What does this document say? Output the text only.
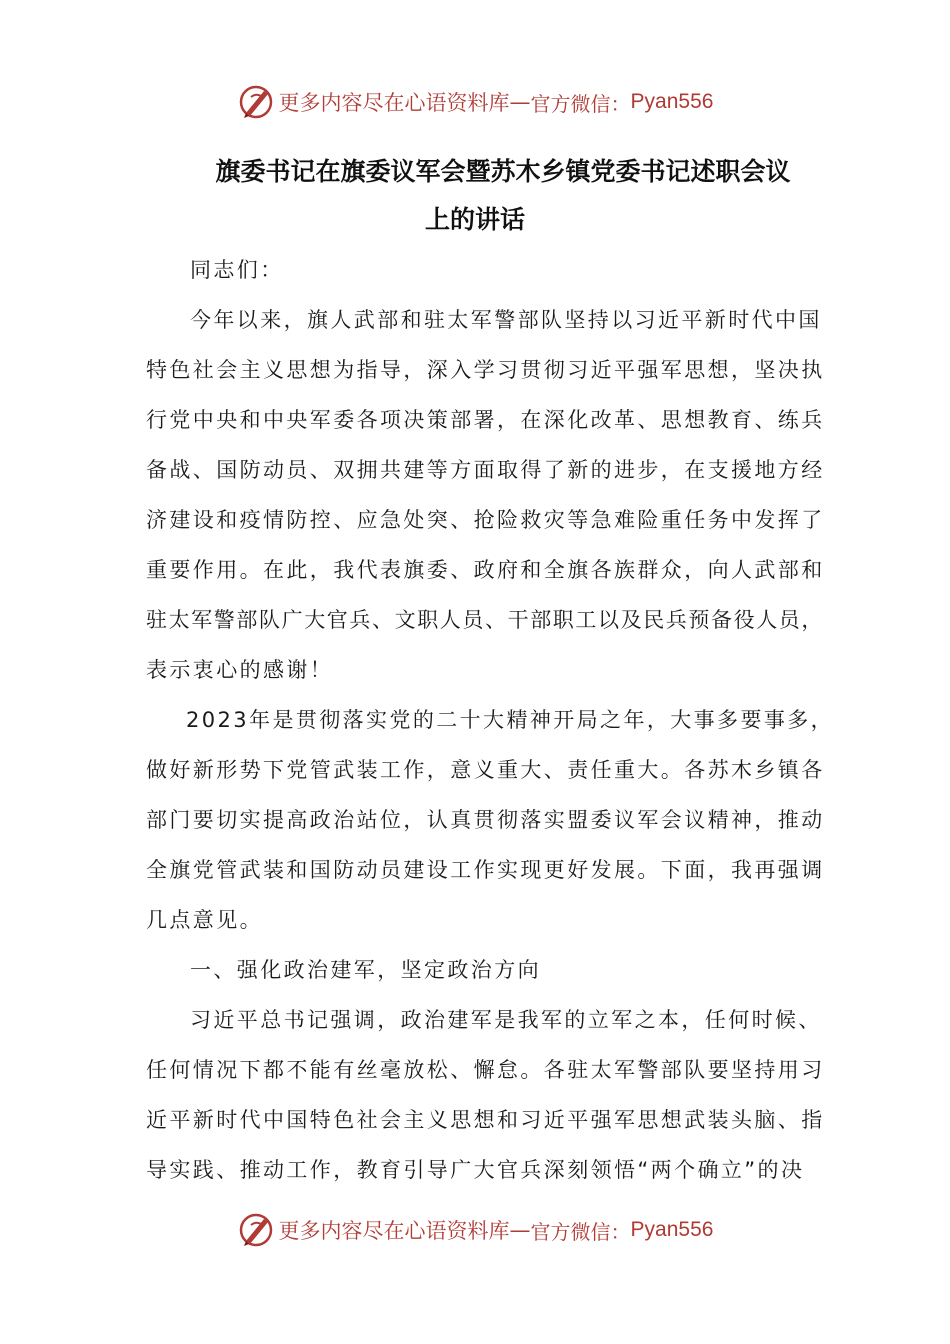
更多内容尽在心语资料库 — 官方微信： Pyan556
旗委书记在旗委议军会暨苏木乡镇党委书记述职会议
上的讲话
同志们：
今年以来，旗人武部和驻太军警部队坚持以习近平新时代中国
特色社会主义思想为指导，深入学习贯彻习近平强军思想，坚决执
行党中央和中央军委各项决策部署，在深化改革、思想教育、练兵
备战、国防动员、双拥共建等方面取得了新的进步，在支援地方经
济建设和疫情防控、应急处突、抢险救灾等急难险重任务中发挥了
重要作用。在此，我代表旗委、政府和全旗各族群众，向人武部和
驻太军警部队广大官兵、文职人员、干部职工以及民兵预备役人员，
表示衷心的感谢！
2023年是贯彻落实党的二十大精神开局之年，大事多要事多，
做好新形势下党管武装工作，意义重大、责任重大。各苏木乡镇各
部门要切实提高政治站位，认真贯彻落实盟委议军会议精神，推动
全旗党管武装和国防动员建设工作实现更好发展。下面，我再强调
几点意见。
一、强化政治建军，坚定政治方向
习近平总书记强调，政治建军是我军的立军之本，任何时候、
任何情况下都不能有丝毫放松、懈怠。各驻太军警部队要坚持用习
近平新时代中国特色社会主义思想和习近平强军思想武装头脑、指
导实践、推动工作，教育引导广大官兵深刻领悟“两个确立”的决
更多内容尽在心语资料库 — 官方微信： Pyan556
